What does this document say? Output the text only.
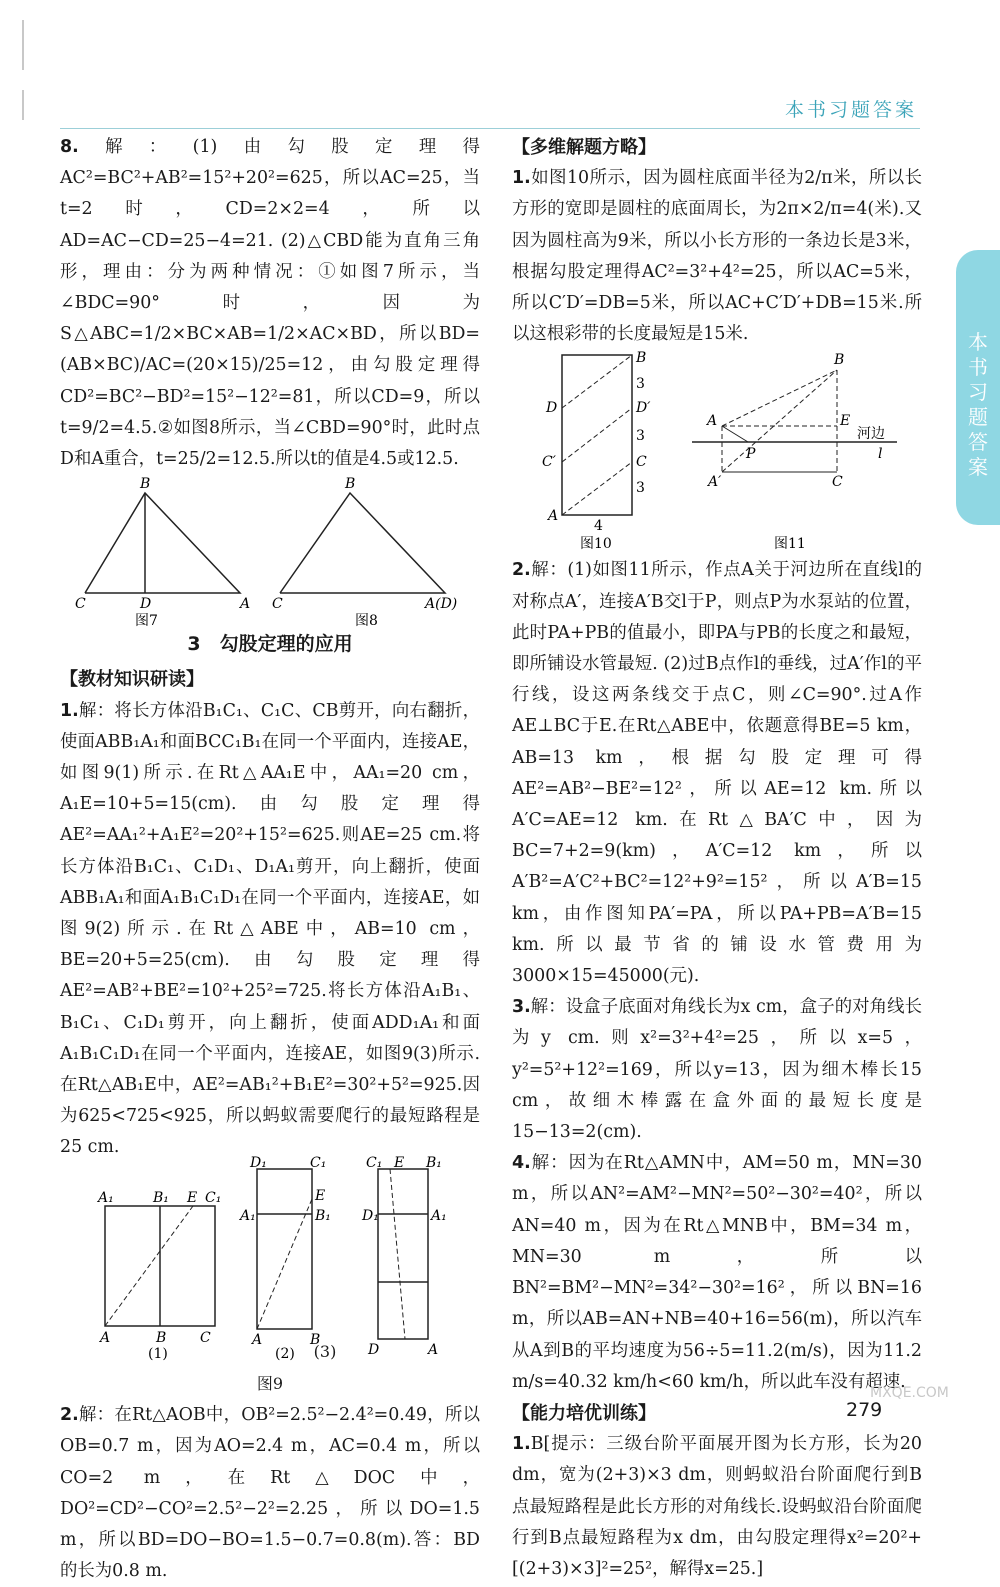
本书习题答案
本书习题答案

8.解：(1)由勾股定理得AC²=BC²+AB²=15²+20²=625，所以AC=25，当t=2时，CD=2×2=4，所以AD=AC−CD=25−4=21. (2)△CBD能为直角三角形，理由：分为两种情况：①如图7所示，当∠BDC=90°时，因为S△ABC=1/2×BC×AB=1/2×AC×BD，所以BD=(AB×BC)/AC=(20×15)/25=12，由勾股定理得CD²=BC²−BD²=15²−12²=81，所以CD=9，所以t=9/2=4.5.②如图8所示，当∠CBD=90°时，此时点D和A重合，t=25/2=12.5.所以t的值是4.5或12.5.

B
C	D	A
图7
B
C	A(D)
图8

3　勾股定理的应用

【教材知识研读】

1.解：将长方体沿B₁C₁、C₁C、CB剪开，向右翻折，使面ABB₁A₁和面BCC₁B₁在同一个平面内，连接AE，如图9(1)所示.在Rt△AA₁E中，AA₁=20 cm，A₁E=10+5=15(cm).由勾股定理得AE²=AA₁²+A₁E²=20²+15²=625.则AE=25 cm.将长方体沿B₁C₁、C₁D₁、D₁A₁剪开，向上翻折，使面ABB₁A₁和面A₁B₁C₁D₁在同一个平面内，连接AE，如图9(2)所示.在Rt△ABE中，AB=10 cm，BE=20+5=25(cm).由勾股定理得AE²=AB²+BE²=10²+25²=725.将长方体沿A₁B₁、B₁C₁、C₁D₁剪开，向上翻折，使面ADD₁A₁和面A₁B₁C₁D₁在同一个平面内，连接AE，如图9(3)所示.在Rt△AB₁E中，AE²=AB₁²+B₁E²=30²+5²=925.因为625<725<925，所以蚂蚁需要爬行的最短路程是25 cm.

A₁	B₁ E C₁
A	B C
(1)
D₁	C₁
E
A₁	B₁
A	B
(2)
C₁ E B₁
D₁	A₁
D	A
(3)
图9

2.解：在Rt△AOB中，OB²=2.5²−2.4²=0.49，所以OB=0.7 m，因为AO=2.4 m，AC=0.4 m，所以CO=2 m，在Rt△DOC中，DO²=CD²−CO²=2.5²−2²=2.25，所以DO=1.5 m，所以BD=DO−BO=1.5−0.7=0.8(m).答：BD的长为0.8 m.

【多维解题方略】

1.如图10所示，因为圆柱底面半径为2/π米，所以长方形的宽即是圆柱的底面周长，为2π×2/π=4(米).又因为圆柱高为9米，所以小长方形的一条边长是3米，根据勾股定理得AC²=3²+4²=25，所以AC=5米，所以C′D′=DB=5米，所以AC+C′D′+DB=15米.所以这根彩带的长度最短是15米.

B
3
D′
D
3
C
C′
3
A
4
图10
B
A	E
河边
l
P
A′	C
图11

2.解：(1)如图11所示，作点A关于河边所在直线l的对称点A′，连接A′B交l于P，则点P为水泵站的位置，此时PA+PB的值最小，即PA与PB的长度之和最短，即所铺设水管最短. (2)过B点作l的垂线，过A′作l的平行线，设这两条线交于点C，则∠C=90°.过A作AE⊥BC于E.在Rt△ABE中，依题意得BE=5 km，AB=13 km，根据勾股定理可得AE²=AB²−BE²=12²，所以AE=12 km.所以A′C=AE=12 km.在Rt△BA′C中，因为BC=7+2=9(km)，A′C=12 km，所以A′B²=A′C²+BC²=12²+9²=15²，所以A′B=15 km，由作图知PA′=PA，所以PA+PB=A′B=15 km.所以最节省的铺设水管费用为3000×15=45000(元).

3.解：设盒子底面对角线长为x cm，盒子的对角线长为y cm.则x²=3²+4²=25，所以x=5，y²=5²+12²=169，所以y=13，因为细木棒长15 cm，故细木棒露在盒外面的最短长度是15−13=2(cm).

4.解：因为在Rt△AMN中，AM=50 m，MN=30 m，所以AN²=AM²−MN²=50²−30²=40²，所以AN=40 m，因为在Rt△MNB中，BM=34 m，MN=30 m，所以BN²=BM²−MN²=34²−30²=16²，所以BN=16 m，所以AB=AN+NB=40+16=56(m)，所以汽车从A到B的平均速度为56÷5=11.2(m/s)，因为11.2 m/s=40.32 km/h<60 km/h，所以此车没有超速.

【能力培优训练】

1.B[提示：三级台阶平面展开图为长方形，长为20 dm，宽为(2+3)×3 dm，则蚂蚁沿台阶面爬行到B点最短路程是此长方形的对角线长.设蚂蚁沿台阶面爬行到B点最短路程为x dm，由勾股定理得x²=20²+[(2+3)×3]²=25²，解得x=25.]

279
MXQE.COM
